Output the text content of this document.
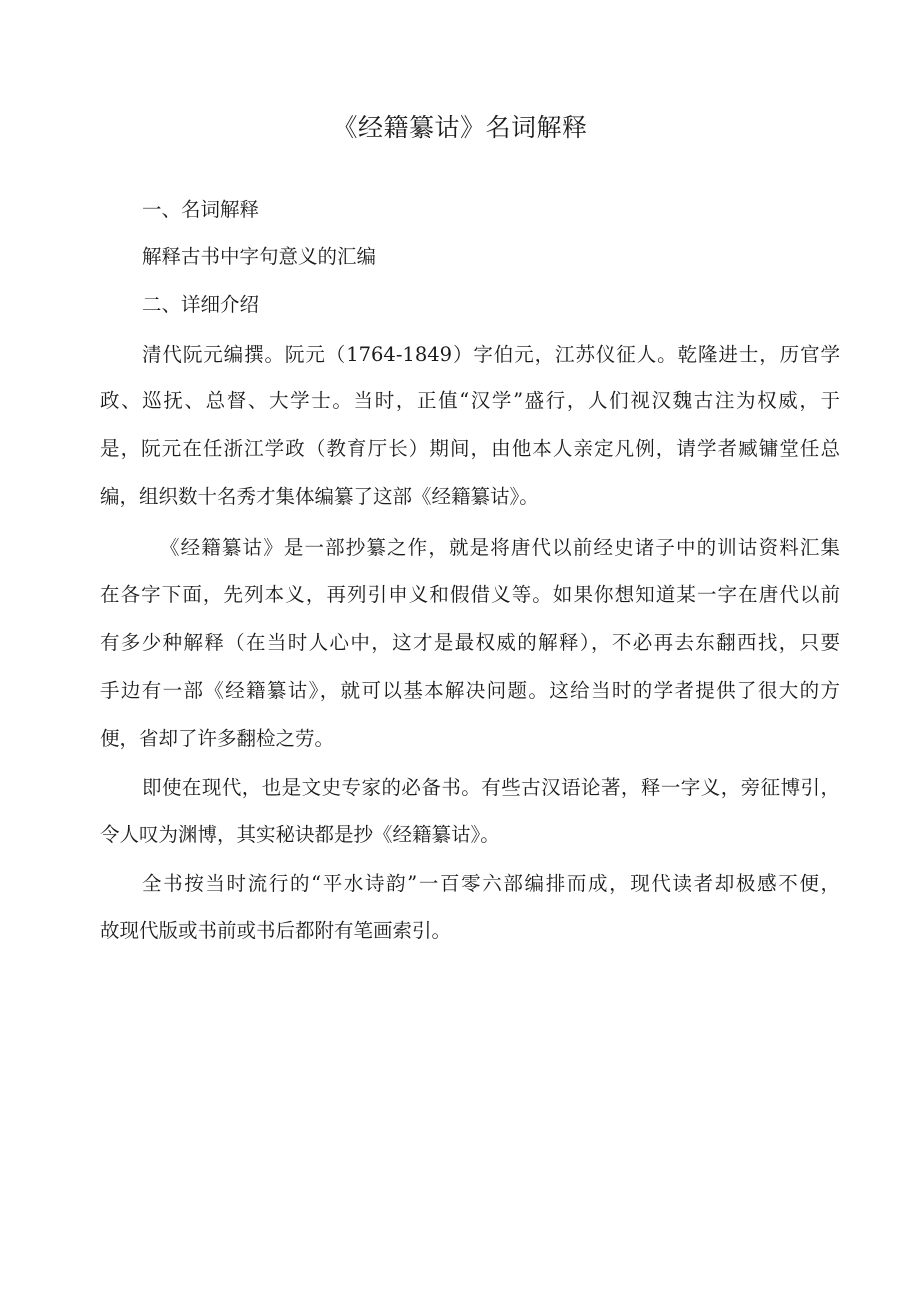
《经籍纂诂》名词解释
一、名词解释
解释古书中字句意义的汇编
二、详细介绍
清代阮元编撰。阮元（1764-1849）字伯元，江苏仪征人。乾隆进士，历官学
政、巡抚、总督、大学士。当时，正值“汉学”盛行，人们视汉魏古注为权威，于
是，阮元在任浙江学政（教育厅长）期间，由他本人亲定凡例，请学者臧镛堂任总
编，组织数十名秀才集体编纂了这部《经籍纂诂》。
《经籍纂诂》是一部抄纂之作，就是将唐代以前经史诸子中的训诂资料汇集
在各字下面，先列本义，再列引申义和假借义等。如果你想知道某一字在唐代以前
有多少种解释（在当时人心中，这才是最权威的解释），不必再去东翻西找，只要
手边有一部《经籍纂诂》，就可以基本解决问题。这给当时的学者提供了很大的方
便，省却了许多翻检之劳。
即使在现代，也是文史专家的必备书。有些古汉语论著，释一字义，旁征博引，
令人叹为渊博，其实秘诀都是抄《经籍纂诂》。
全书按当时流行的“平水诗韵”一百零六部编排而成，现代读者却极感不便，
故现代版或书前或书后都附有笔画索引。
